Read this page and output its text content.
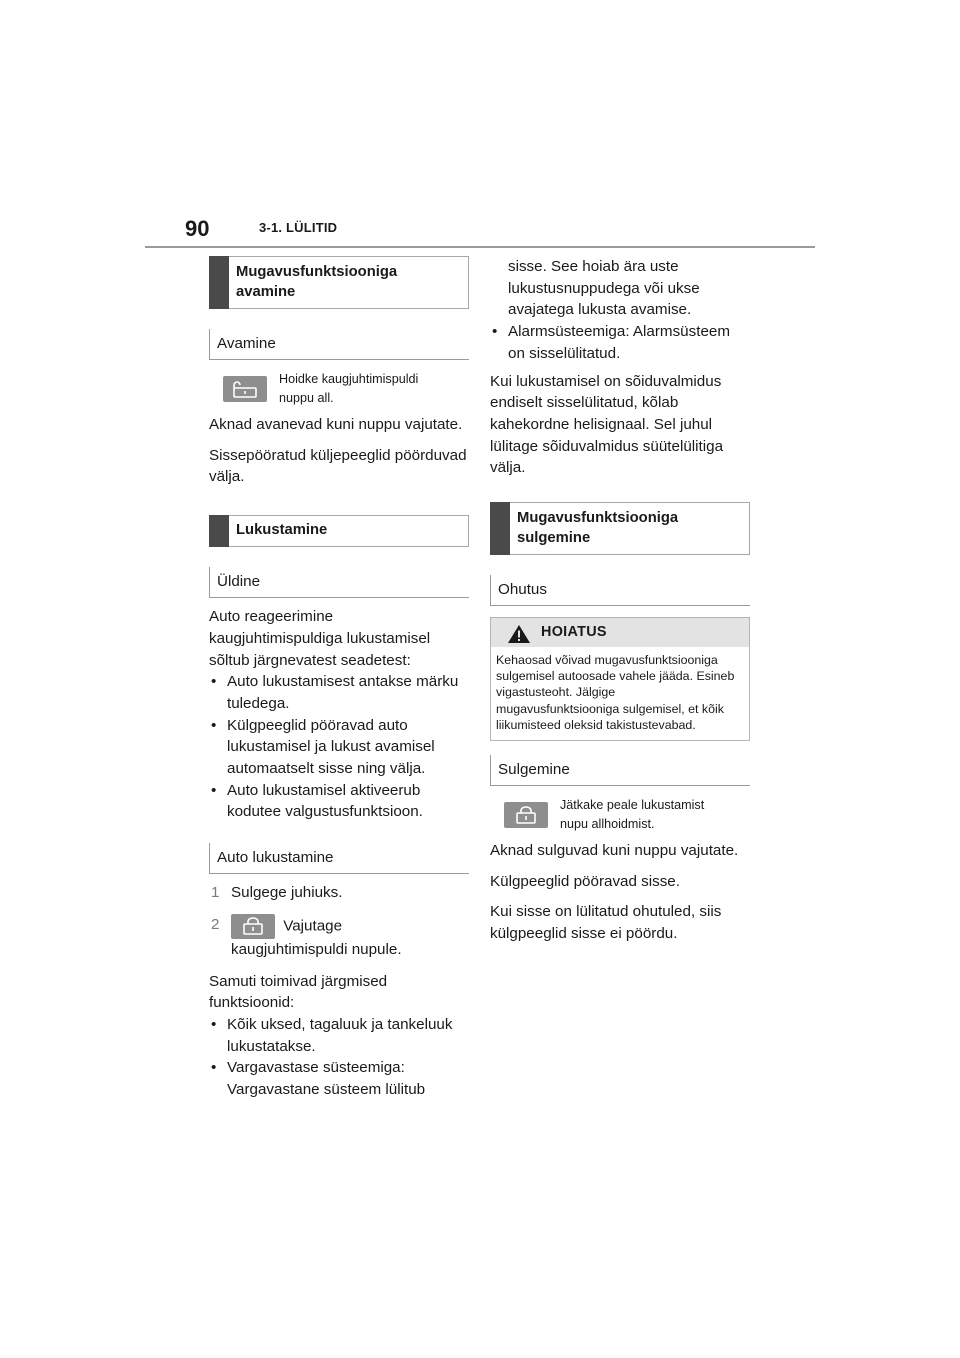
90	3-1. LÜLITID
Mugavusfunktsiooniga avamine
Avamine
Hoidke kaugjuhtimispuldi nuppu all.

Aknad avanevad kuni nuppu vajutate.

Sissepööratud küljepeeglid pöörduvad välja.

Lukustamine
Üldine

Auto reageerimine kaugjuhtimispuldiga lukustamisel sõltub järgnevatest seadetest:

• Auto lukustamisest antakse märku tuledega.
• Külgpeeglid pööravad auto lukustamisel ja lukust avamisel automaatselt sisse ning välja.
• Auto lukustamisel aktiveerub kodutee valgustusfunktsioon.
Auto lukustamine
1 Sulgege juhiuks.
2	Vajutage
kaugjuhtimispuldi nupule.

Samuti toimivad järgmised funktsioonid:

• Kõik uksed, tagaluuk ja tankeluuk lukustatakse.
• Vargavastase süsteemiga: Vargavastane süsteem lülitub

sisse. See hoiab ära uste lukustusnuppudega või ukse avajatega lukusta avamise.

• Alarmsüsteemiga: Alarmsüsteem on sisselülitatud.

Kui lukustamisel on sõiduvalmidus endiselt sisselülitatud, kõlab kahekordne helisignaal. Sel juhul lülitage sõiduvalmidus süütelülitiga välja.

Mugavusfunktsiooniga sulgemine
Ohutus
HOIATUS
Kehaosad võivad mugavusfunktsiooniga sulgemisel autoosade vahele jääda. Esineb vigastusteoht. Jälgige mugavusfunktsiooniga sulgemisel, et kõik liikumisteed oleksid takistustevabad.
Sulgemine
Jätkake peale lukustamist nupu allhoidmist.

Aknad sulguvad kuni nuppu vajutate.

Külgpeeglid pööravad sisse.

Kui sisse on lülitatud ohutuled, siis külgpeeglid sisse ei pöördu.
